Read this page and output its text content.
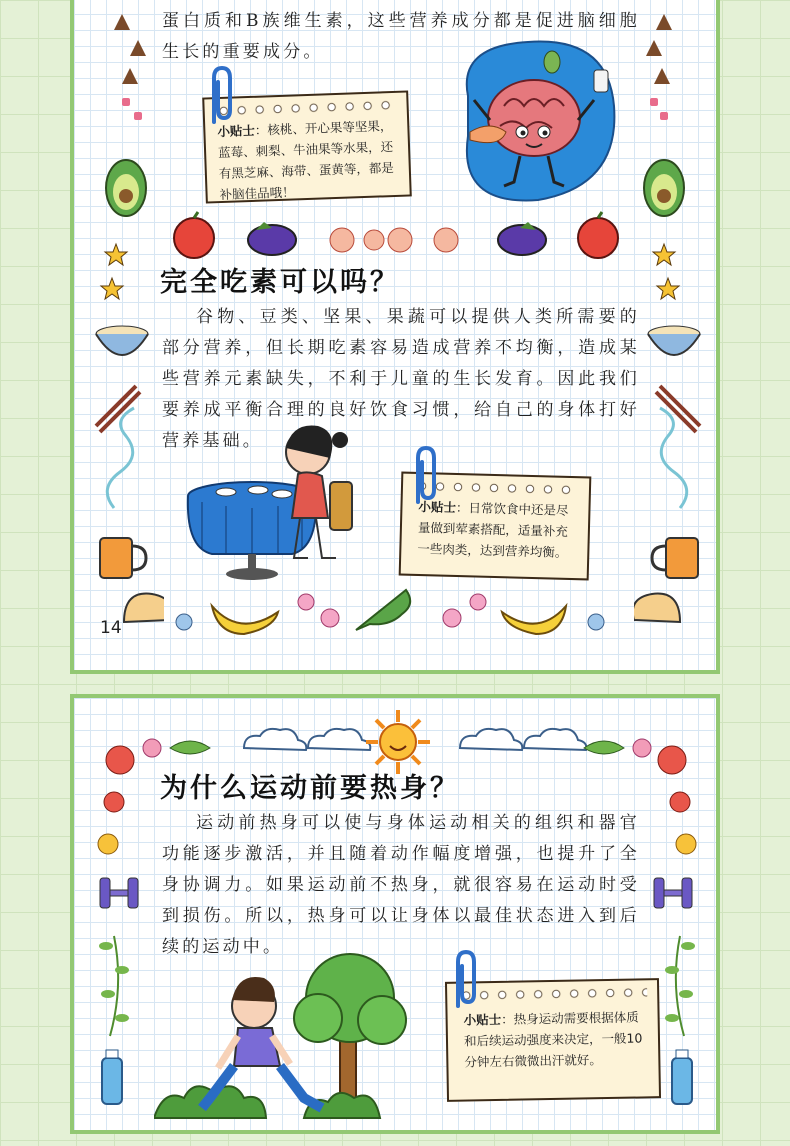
蛋白质和B族维生素，这些营养成分都是促进脑细胞生长的重要成分。

小贴士：核桃、开心果等坚果，蓝莓、刺梨、牛油果等水果，还有黑芝麻、海带、蛋黄等，都是补脑佳品哦！
完全吃素可以吗？

谷物、豆类、坚果、果蔬可以提供人类所需要的部分营养，但长期吃素容易造成营养不均衡，造成某些营养元素缺失，不利于儿童的生长发育。因此我们要养成平衡合理的良好饮食习惯，给自己的身体打好营养基础。

小贴士：日常饮食中还是尽量做到荤素搭配，适量补充一些肉类，达到营养均衡。
14
为什么运动前要热身？

运动前热身可以使与身体运动相关的组织和器官功能逐步激活，并且随着动作幅度增强，也提升了全身协调力。如果运动前不热身，就很容易在运动时受到损伤。所以，热身可以让身体以最佳状态进入到后续的运动中。

小贴士：热身运动需要根据体质和后续运动强度来决定，一般10分钟左右微微出汗就好。
